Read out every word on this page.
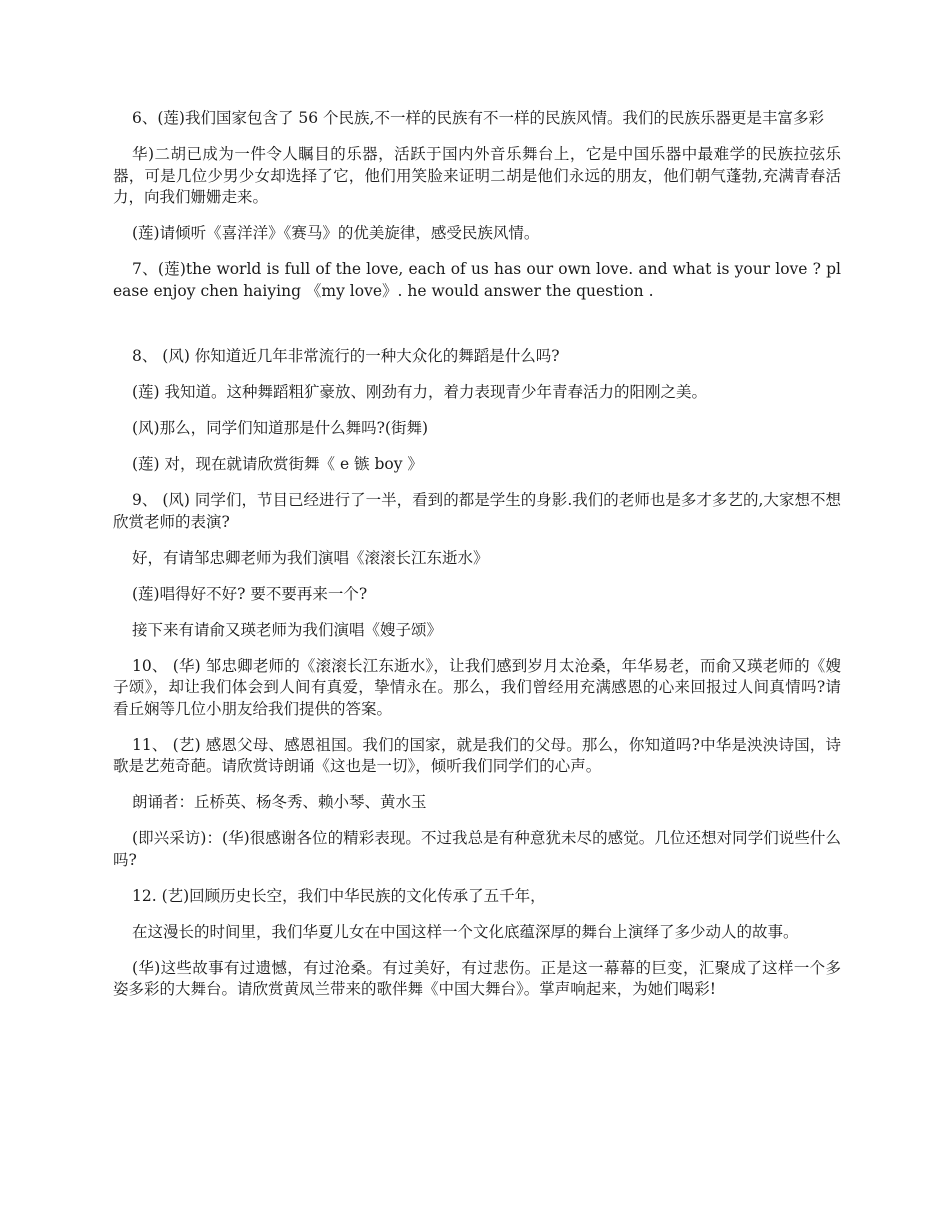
6、(莲)我们国家包含了 56 个民族,不一样的民族有不一样的民族风情。我们的民族乐器更是丰富多彩

华)二胡已成为一件令人瞩目的乐器，活跃于国内外音乐舞台上，它是中国乐器中最难学的民族拉弦乐器，可是几位少男少女却选择了它，他们用笑脸来证明二胡是他们永远的朋友，他们朝气蓬勃,充满青春活力，向我们姗姗走来。

(莲)请倾听《喜洋洋》《赛马》的优美旋律，感受民族风情。

7、(莲)the world is full of the love, each of us has our own love. and what is your love ? please enjoy chen haiying 《my love》. he would answer the question .

8、 (风) 你知道近几年非常流行的一种大众化的舞蹈是什么吗?

(莲) 我知道。这种舞蹈粗犷豪放、刚劲有力，着力表现青少年青春活力的阳刚之美。

(风)那么，同学们知道那是什么舞吗?(街舞)

(莲) 对，现在就请欣赏街舞《 e 镞 boy 》

9、 (风) 同学们，节目已经进行了一半，看到的都是学生的身影.我们的老师也是多才多艺的,大家想不想欣赏老师的表演?

好，有请邹忠卿老师为我们演唱《滚滚长江东逝水》

(莲)唱得好不好? 要不要再来一个?

接下来有请俞又瑛老师为我们演唱《嫂子颂》

10、 (华) 邹忠卿老师的《滚滚长江东逝水》，让我们感到岁月太沧桑，年华易老，而俞又瑛老师的《嫂子颂》，却让我们体会到人间有真爱，挚情永在。那么，我们曾经用充满感恩的心来回报过人间真情吗?请看丘娴等几位小朋友给我们提供的答案。

11、 (艺) 感恩父母、感恩祖国。我们的国家，就是我们的父母。那么，你知道吗?中华是泱泱诗国，诗歌是艺苑奇葩。请欣赏诗朗诵《这也是一切》，倾听我们同学们的心声。

朗诵者：丘桥英、杨冬秀、赖小琴、黄水玉

(即兴采访)：(华)很感谢各位的精彩表现。不过我总是有种意犹未尽的感觉。几位还想对同学们说些什么吗?

12. (艺)回顾历史长空，我们中华民族的文化传承了五千年，

在这漫长的时间里，我们华夏儿女在中国这样一个文化底蕴深厚的舞台上演绎了多少动人的故事。

(华)这些故事有过遗憾，有过沧桑。有过美好，有过悲伤。正是这一幕幕的巨变，汇聚成了这样一个多姿多彩的大舞台。请欣赏黄凤兰带来的歌伴舞《中国大舞台》。掌声响起来，为她们喝彩!
